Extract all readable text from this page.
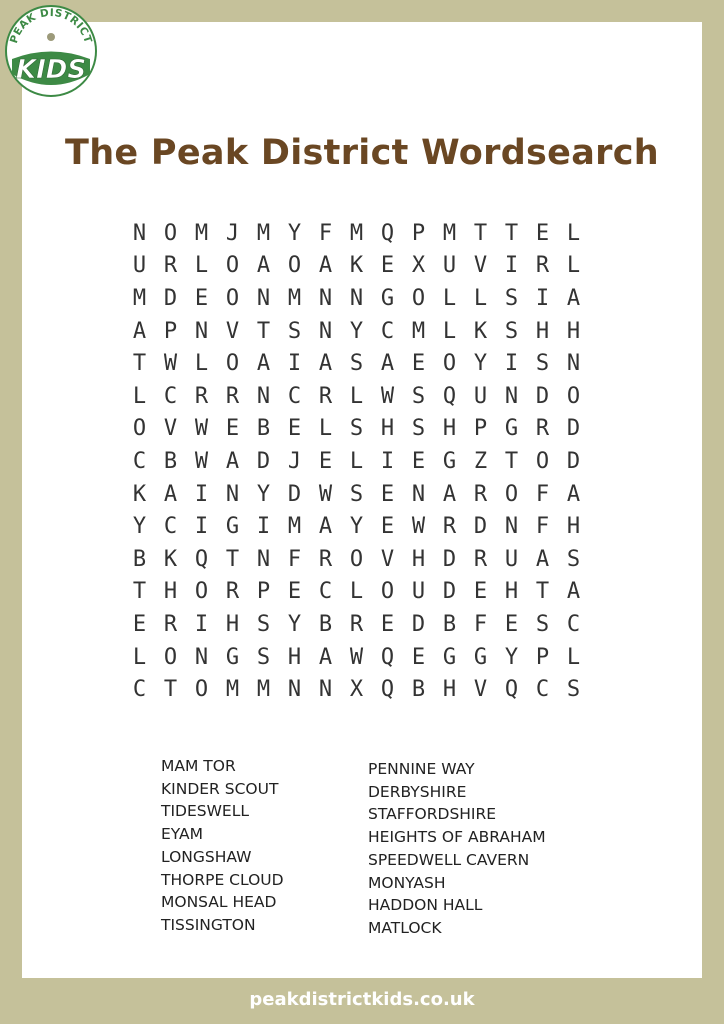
PEAK DISTRICT
KIDS
The Peak District Wordsearch
N O M J M Y F M Q P M T T E L
U R L O A O A K E X U V I R L
M D E O N M N N G O L L S I A
A P N V T S N Y C M L K S H H
T W L O A I A S A E O Y I S N
L C R R N C R L W S Q U N D O
O V W E B E L S H S H P G R D
C B W A D J E L I E G Z T O D
K A I N Y D W S E N A R O F A
Y C I G I M A Y E W R D N F H
B K Q T N F R O V H D R U A S
T H O R P E C L O U D E H T A
E R I H S Y B R E D B F E S C
L O N G S H A W Q E G G Y P L
C T O M M N N X Q B H V Q C S
MAM TOR
KINDER SCOUT
TIDESWELL
EYAM
LONGSHAW
THORPE CLOUD
MONSAL HEAD
TISSINGTON
PENNINE WAY
DERBYSHIRE
STAFFORDSHIRE
HEIGHTS OF ABRAHAM
SPEEDWELL CAVERN
MONYASH
HADDON HALL
MATLOCK
peakdistrictkids.co.uk
